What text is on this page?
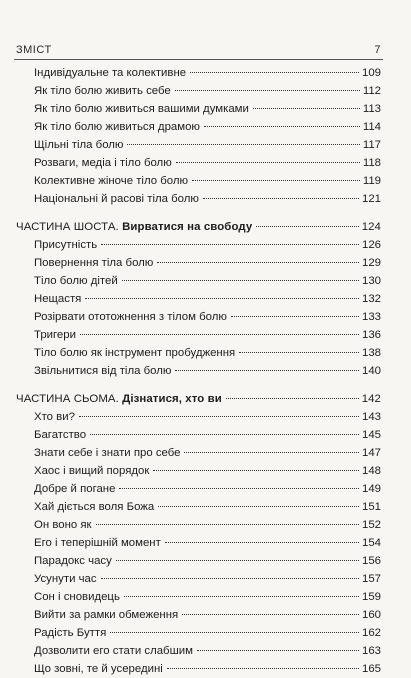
ЗМІСТ	7
Індивідуальне та колективне	109
Як тіло болю живить себе	112
Як тіло болю живиться вашими думками	113
Як тіло болю живиться драмою	114
Щільні тіла болю	117
Розваги, медіа і тіло болю	118
Колективне жіноче тіло болю	119
Національні й расові тіла болю	121
ЧАСТИНА ШОСТА. Вирватися на свободу	124
Присутність	126
Повернення тіла болю	129
Тіло болю дітей	130
Нещастя	132
Розірвати ототожнення з тілом болю	133
Тригери	136
Тіло болю як інструмент пробудження	138
Звільнитися від тіла болю	140
ЧАСТИНА СЬОМА. Дізнатися, хто ви	142
Хто ви?	143
Багатство	145
Знати себе і знати про себе	147
Хаос і вищий порядок	148
Добре й погане	149
Хай діється воля Божа	151
Он воно як	152
Его і теперішній момент	154
Парадокс часу	156
Усунути час	157
Сон і сновидець	159
Вийти за рамки обмеження	160
Радість Буття	162
Дозволити его стати слабшим	163
Що зовні, те й усередині	165
